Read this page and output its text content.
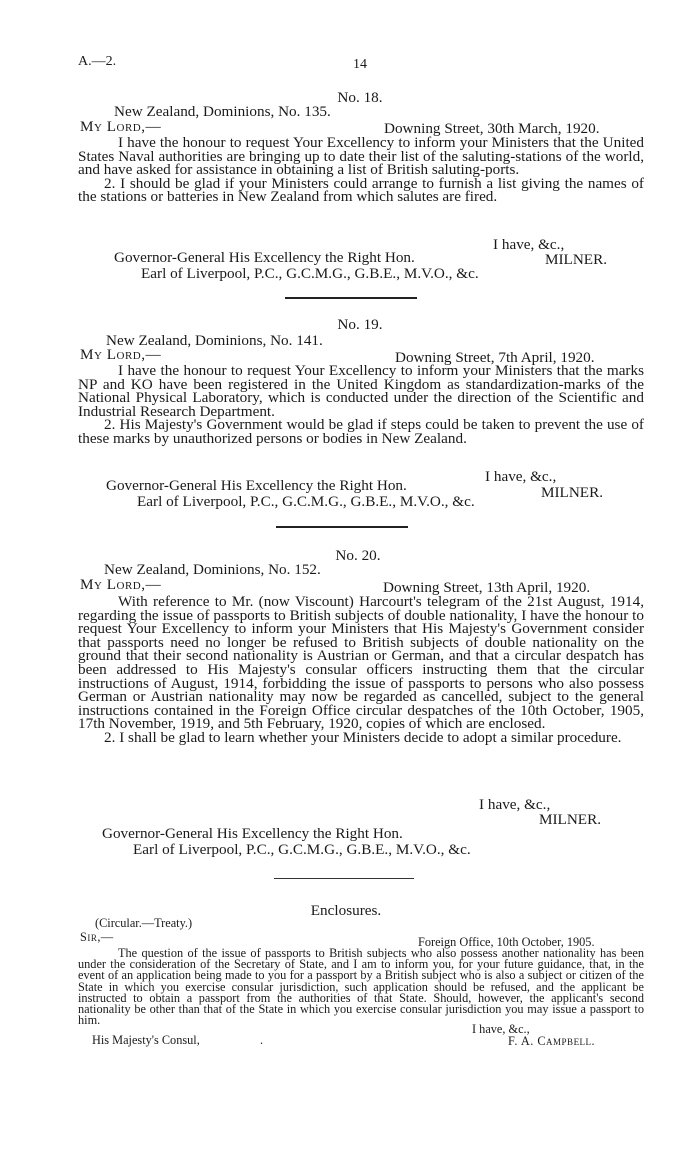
A.—2.	14
No. 18.
New Zealand, Dominions, No. 135.
My Lord,—	Downing Street, 30th March, 1920.

I have the honour to request Your Excellency to inform your Ministers that the United States Naval authorities are bringing up to date their list of the saluting-stations of the world, and have asked for assistance in obtaining a list of British saluting-ports.

2. I should be glad if your Ministers could arrange to furnish a list giving the names of the stations or batteries in New Zealand from which salutes are fired.

I have, &c.,
MILNER.
Governor-General His Excellency the Right Hon.
Earl of Liverpool, P.C., G.C.M.G., G.B.E., M.V.O., &c.
No. 19.
New Zealand, Dominions, No. 141.
My Lord,—	Downing Street, 7th April, 1920.

I have the honour to request Your Excellency to inform your Ministers that the marks NP and KO have been registered in the United Kingdom as standardization-marks of the National Physical Laboratory, which is conducted under the direction of the Scientific and Industrial Research Department.

2. His Majesty's Government would be glad if steps could be taken to prevent the use of these marks by unauthorized persons or bodies in New Zealand.

I have, &c.,
MILNER.
Governor-General His Excellency the Right Hon.
Earl of Liverpool, P.C., G.C.M.G., G.B.E., M.V.O., &c.
No. 20.
New Zealand, Dominions, No. 152.
My Lord,—	Downing Street, 13th April, 1920.

With reference to Mr. (now Viscount) Harcourt's telegram of the 21st August, 1914, regarding the issue of passports to British subjects of double nationality, I have the honour to request Your Excellency to inform your Ministers that His Majesty's Government consider that passports need no longer be refused to British subjects of double nationality on the ground that their second nationality is Austrian or German, and that a circular despatch has been addressed to His Majesty's consular officers instructing them that the circular instructions of August, 1914, forbidding the issue of passports to persons who also possess German or Austrian nationality may now be regarded as cancelled, subject to the general instructions contained in the Foreign Office circular despatches of the 10th October, 1905, 17th November, 1919, and 5th February, 1920, copies of which are enclosed.

2. I shall be glad to learn whether your Ministers decide to adopt a similar procedure.

I have, &c.,
MILNER.
Governor-General His Excellency the Right Hon.
Earl of Liverpool, P.C., G.C.M.G., G.B.E., M.V.O., &c.
Enclosures.
(Circular.—Treaty.)
Sir,—	Foreign Office, 10th October, 1905.

The question of the issue of passports to British subjects who also possess another nationality has been under the consideration of the Secretary of State, and I am to inform you, for your future guidance, that, in the event of an application being made to you for a passport by a British subject who is also a subject or citizen of the State in which you exercise consular jurisdiction, such application should be refused, and the applicant be instructed to obtain a passport from the authorities of that State. Should, however, the applicant's second nationality be other than that of the State in which you exercise consular jurisdiction you may issue a passport to him.

I have, &c.,
His Majesty's Consul,	.	F. A. Campbell.
